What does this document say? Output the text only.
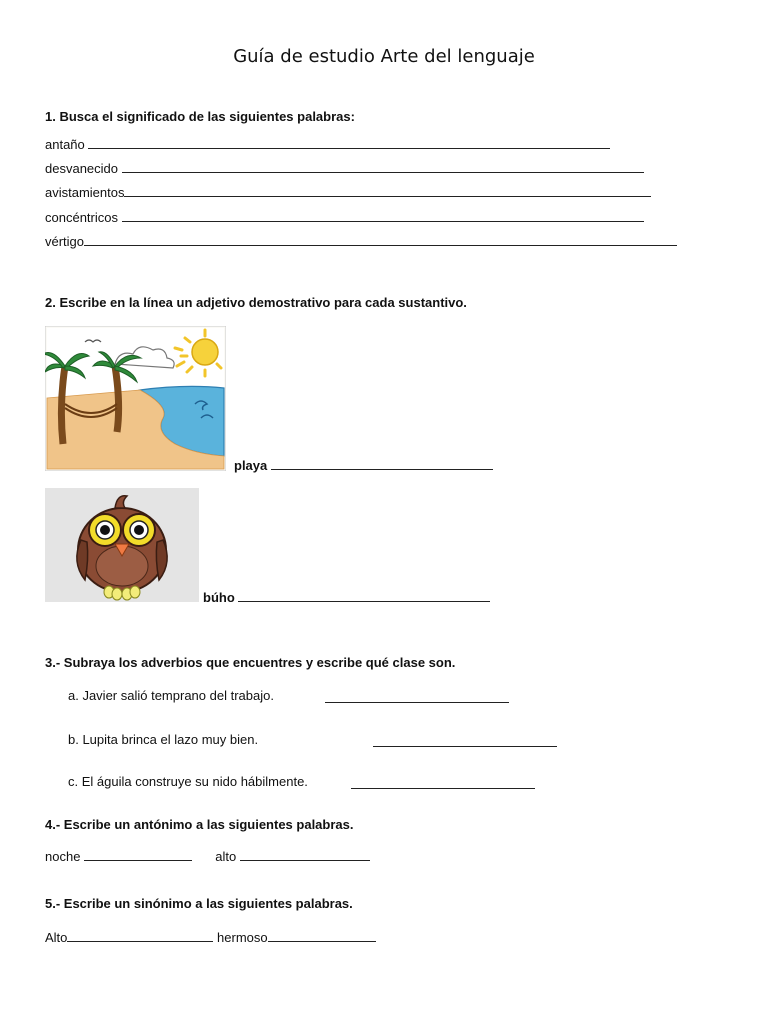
Guía de estudio Arte del lenguaje
1. Busca el significado de las siguientes palabras:
antaño
desvanecido
avistamientos
concéntricos
vértigo
2. Escribe en la línea un adjetivo demostrativo para cada sustantivo.
playa
búho
3.- Subraya los adverbios que encuentres y escribe qué clase son.
a. Javier salió temprano del trabajo.
b. Lupita brinca el lazo muy bien.
c. El águila construye su nido hábilmente.
4.- Escribe un antónimo a las siguientes palabras.
noche	alto
5.- Escribe un sinónimo a las siguientes palabras.
Alto	hermoso
